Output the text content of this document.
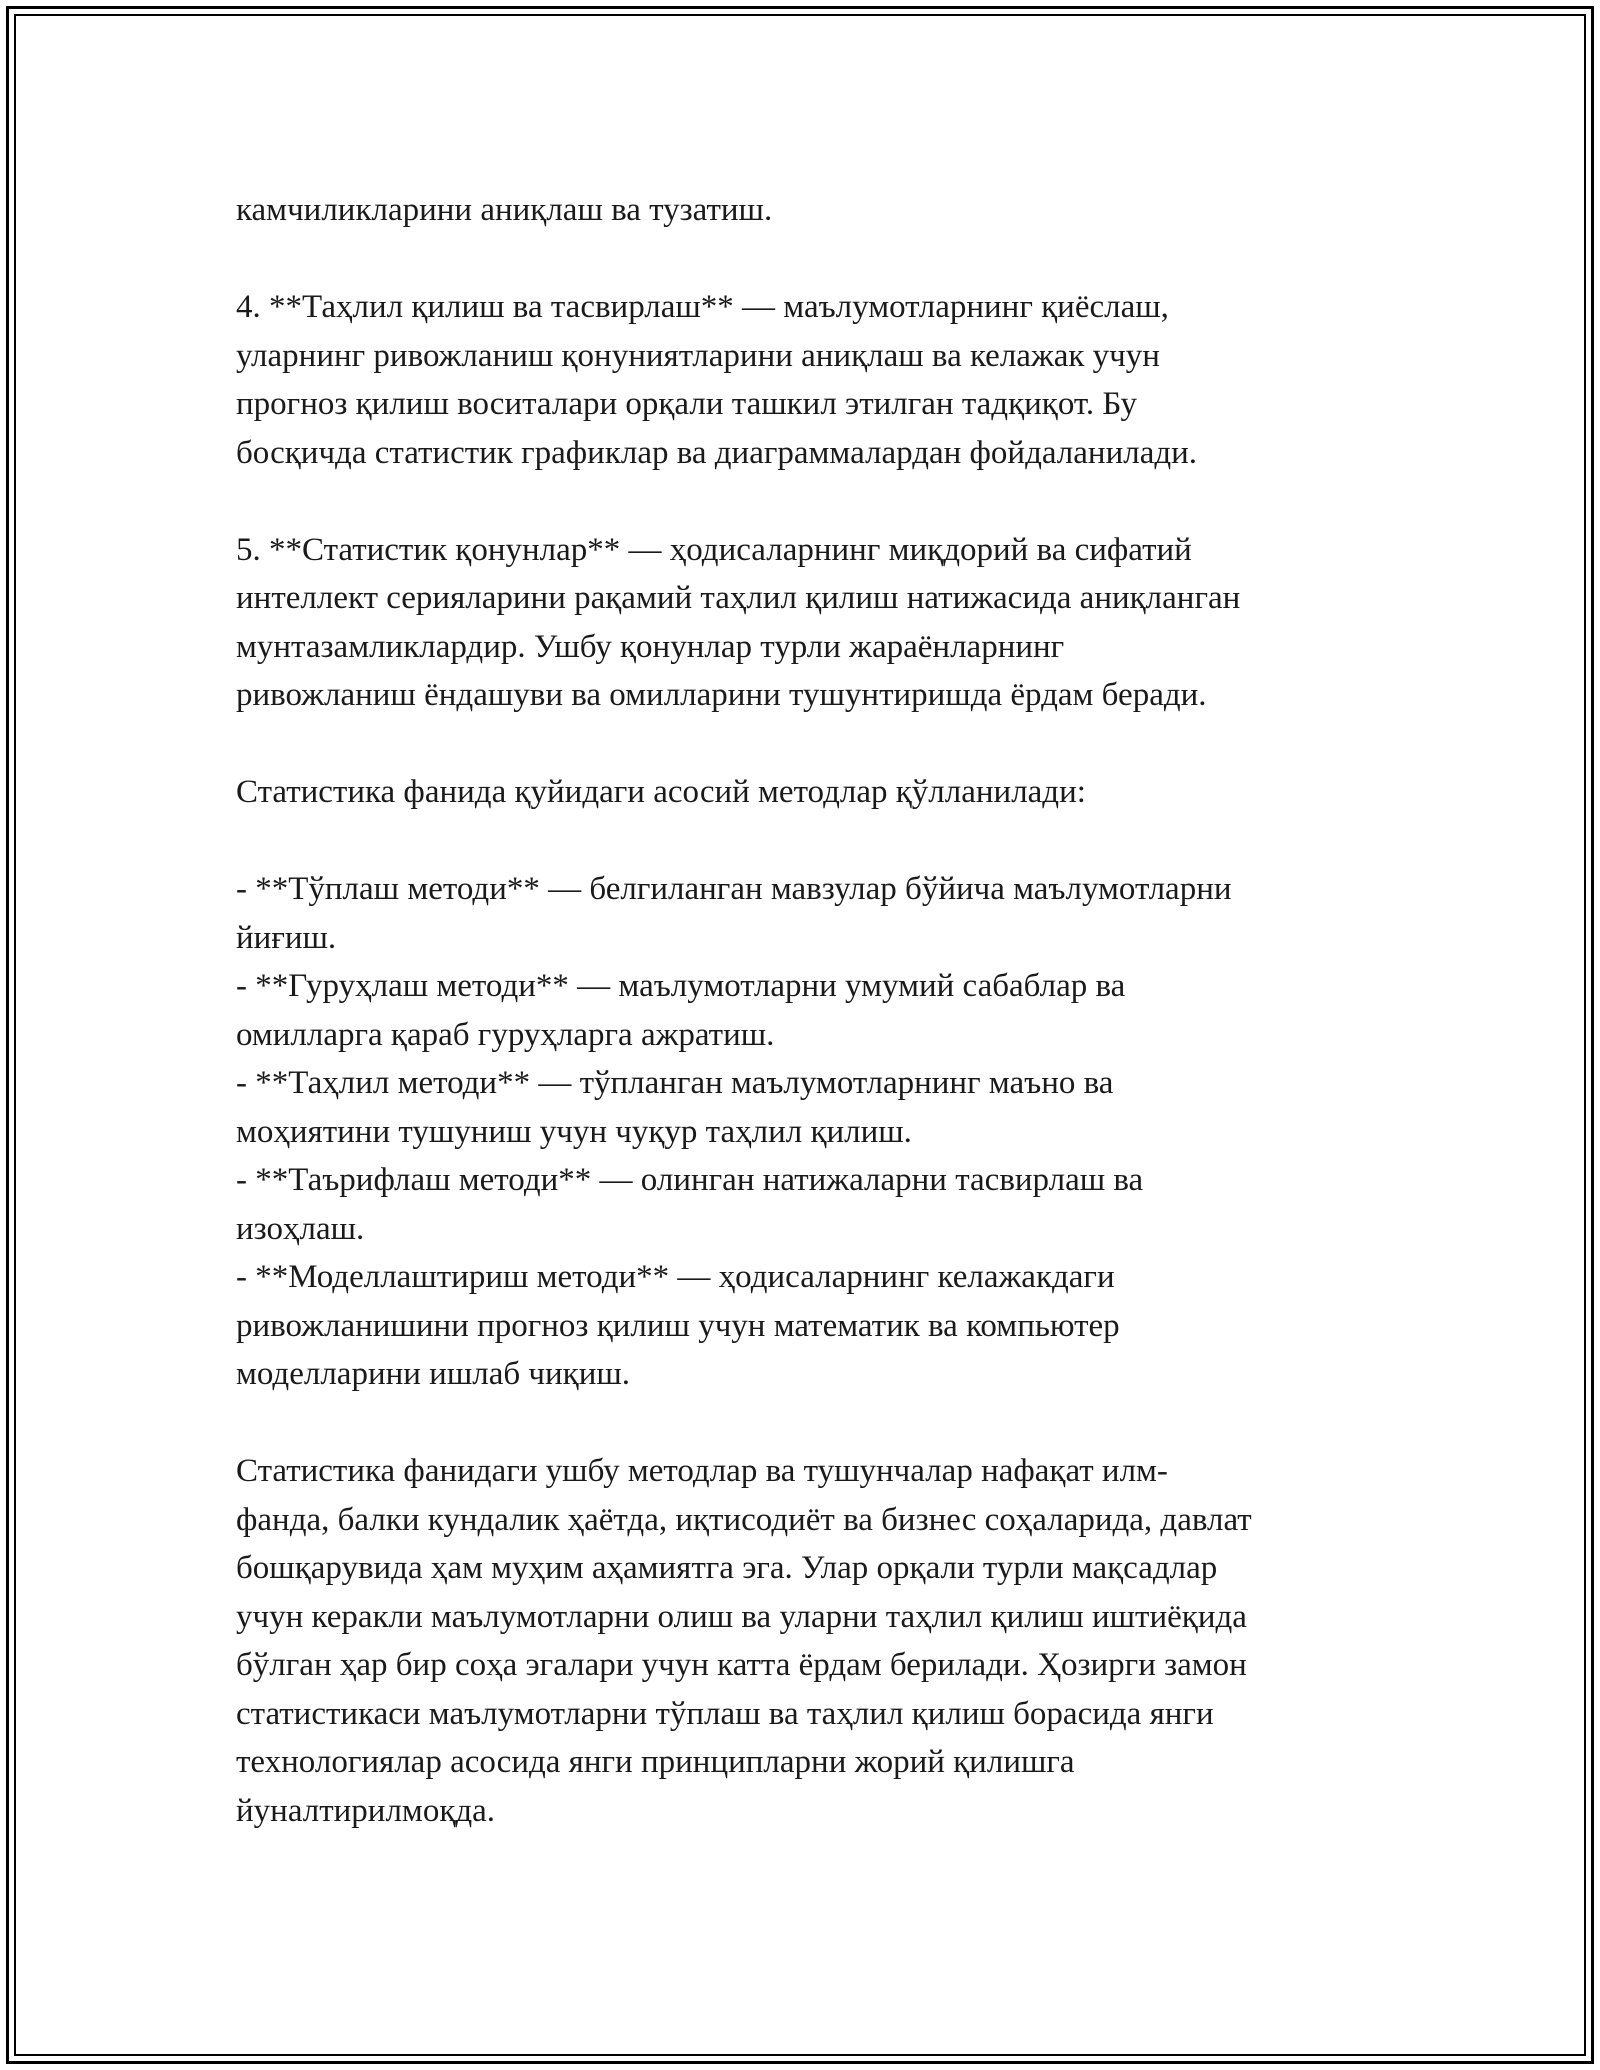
камчиликларини аниқлаш ва тузатиш.
4. **Таҳлил қилиш ва тасвирлаш** — маълумотларнинг қиёслаш,
уларнинг ривожланиш қонуниятларини аниқлаш ва келажак учун
прогноз қилиш воситалари орқали ташкил этилган тадқиқот. Бу
босқичда статистик графиклар ва диаграммалардан фойдаланилади.
5. **Статистик қонунлар** — ҳодисаларнинг миқдорий ва сифатий
интеллект серияларини рақамий таҳлил қилиш натижасида аниқланган
мунтазамликлардир. Ушбу қонунлар турли жараёнларнинг
ривожланиш ёндашуви ва омилларини тушунтиришда ёрдам беради.
Статистика фанида қуйидаги асосий методлар қўлланилади:
- **Тўплаш методи** — белгиланган мавзулар бўйича маълумотларни
йиғиш.
- **Гуруҳлаш методи** — маълумотларни умумий сабаблар ва
омилларга қараб гуруҳларга ажратиш.
- **Таҳлил методи** — тўпланган маълумотларнинг маъно ва
моҳиятини тушуниш учун чуқур таҳлил қилиш.
- **Таърифлаш методи** — олинган натижаларни тасвирлаш ва
изоҳлаш.
- **Моделлаштириш методи** — ҳодисаларнинг келажакдаги
ривожланишини прогноз қилиш учун математик ва компьютер
моделларини ишлаб чиқиш.
Статистика фанидаги ушбу методлар ва тушунчалар нафақат илм-
фанда, балки кундалик ҳаётда, иқтисодиёт ва бизнес соҳаларида, давлат
бошқарувида ҳам муҳим аҳамиятга эга. Улар орқали турли мақсадлар
учун керакли маълумотларни олиш ва уларни таҳлил қилиш иштиёқида
бўлган ҳар бир соҳа эгалари учун катта ёрдам берилади. Ҳозирги замон
статистикаси маълумотларни тўплаш ва таҳлил қилиш борасида янги
технологиялар асосида янги принципларни жорий қилишга
йуналтирилмоқда.
